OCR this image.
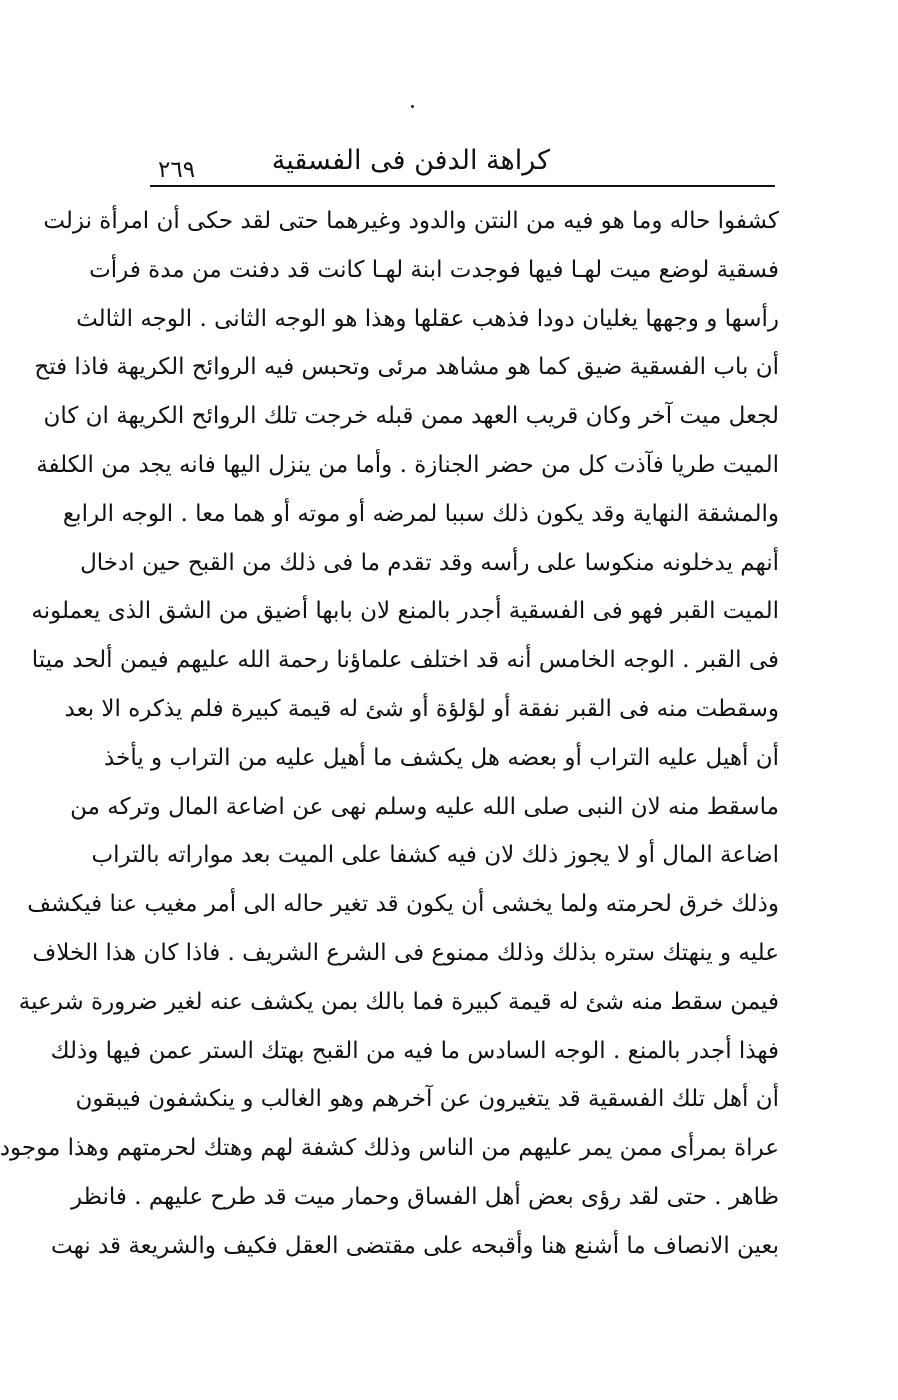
كراهة الدفن فى الفسقية
٢٦٩
كشفوا حاله وما هو فيه من النتن والدود وغيرهما حتى لقد حكى أن امرأة نزلت
فسقية لوضع ميت لهـا فيها فوجدت ابنة لهـا كانت قد دفنت من مدة فرأت
رأسها و وجهها يغليان دودا فذهب عقلها وهذا هو الوجه الثانى . الوجه الثالث
أن باب الفسقية ضيق كما هو مشاهد مرئى وتحبس فيه الروائح الكريهة فاذا فتح
لجعل ميت آخر وكان قريب العهد ممن قبله خرجت تلك الروائح الكريهة ان كان
الميت طريا فآذت كل من حضر الجنازة . وأما من ينزل اليها فانه يجد من الكلفة
والمشقة النهاية وقد يكون ذلك سببا لمرضه أو موته أو هما معا . الوجه الرابع
أنهم يدخلونه منكوسا على رأسه وقد تقدم ما فى ذلك من القبح حين ادخال
الميت القبر فهو فى الفسقية أجدر بالمنع لان بابها أضيق من الشق الذى يعملونه
فى القبر . الوجه الخامس أنه قد اختلف علماؤنا رحمة الله عليهم فيمن ألحد ميتا
وسقطت منه فى القبر نفقة أو لؤلؤة أو شئ له قيمة كبيرة فلم يذكره الا بعد
أن أهيل عليه التراب أو بعضه هل يكشف ما أهيل عليه من التراب و يأخذ
ماسقط منه لان النبى صلى الله عليه وسلم نهى عن اضاعة المال وتركه من
اضاعة المال أو لا يجوز ذلك لان فيه كشفا على الميت بعد مواراته بالتراب
وذلك خرق لحرمته ولما يخشى أن يكون قد تغير حاله الى أمر مغيب عنا فيكشف
عليه و ينهتك ستره بذلك وذلك ممنوع فى الشرع الشريف . فاذا كان هذا الخلاف
فيمن سقط منه شئ له قيمة كبيرة فما بالك بمن يكشف عنه لغير ضرورة شرعية
فهذا أجدر بالمنع . الوجه السادس ما فيه من القبح بهتك الستر عمن فيها وذلك
أن أهل تلك الفسقية قد يتغيرون عن آخرهم وهو الغالب و ينكشفون فيبقون
عراة بمرأى ممن يمر عليهم من الناس وذلك كشفة لهم وهتك لحرمتهم وهذا موجود
ظاهر . حتى لقد رؤى بعض أهل الفساق وحمار ميت قد طرح عليهم . فانظر
بعين الانصاف ما أشنع هنا وأقبحه على مقتضى العقل فكيف والشريعة قد نهت
